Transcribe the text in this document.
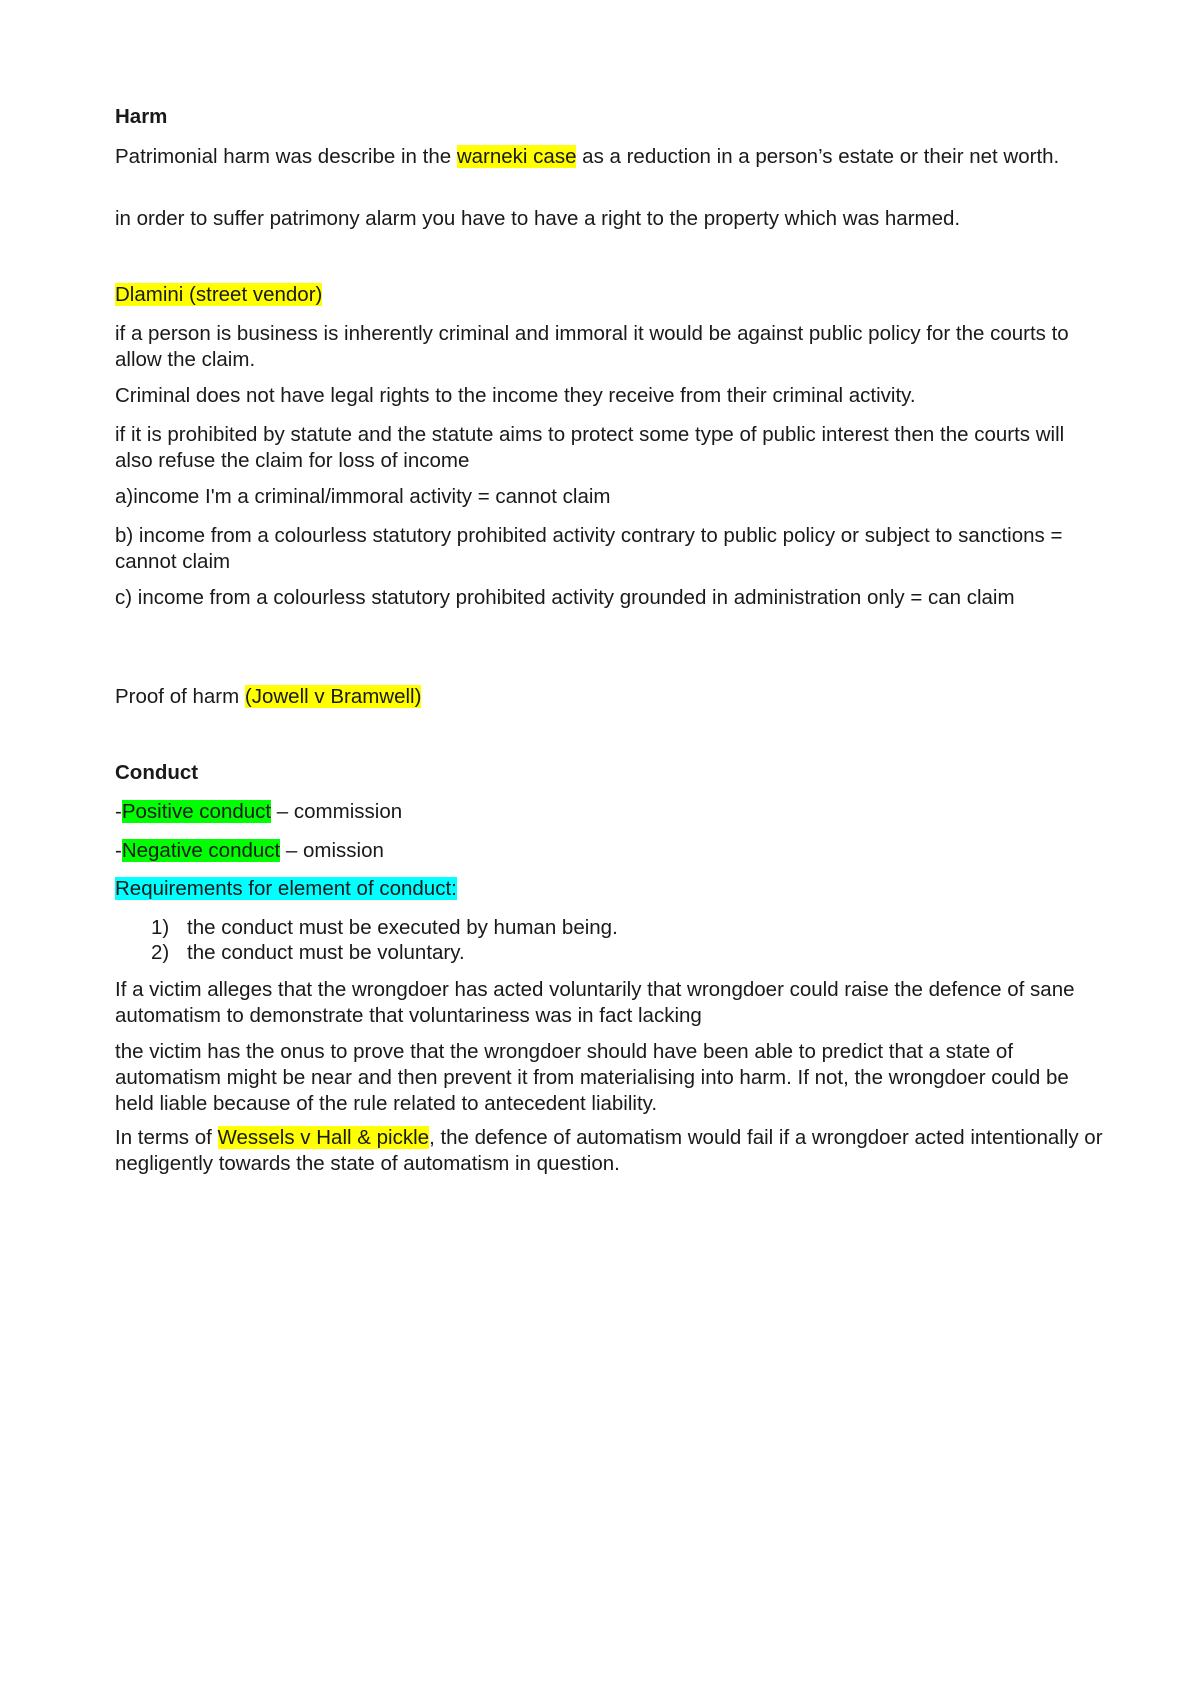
Harm

Patrimonial harm was describe in the warneki case as a reduction in a person’s estate or their net worth.

in order to suffer patrimony alarm you have to have a right to the property which was harmed.

Dlamini (street vendor)

if a person is business is inherently criminal and immoral it would be against public policy for the courts to allow the claim.

Criminal does not have legal rights to the income they receive from their criminal activity.

if it is prohibited by statute and the statute aims to protect some type of public interest then the courts will also refuse the claim for loss of income

a)income I'm a criminal/immoral activity = cannot claim

b) income from a colourless statutory prohibited activity contrary to public policy or subject to sanctions = cannot claim

c) income from a colourless statutory prohibited activity grounded in administration only = can claim

Proof of harm (Jowell v Bramwell)

Conduct

-Positive conduct – commission

-Negative conduct – omission

Requirements for element of conduct:

1) the conduct must be executed by human being.
2) the conduct must be voluntary.

If a victim alleges that the wrongdoer has acted voluntarily that wrongdoer could raise the defence of sane automatism to demonstrate that voluntariness was in fact lacking

the victim has the onus to prove that the wrongdoer should have been able to predict that a state of automatism might be near and then prevent it from materialising into harm. If not, the wrongdoer could be held liable because of the rule related to antecedent liability.

In terms of Wessels v Hall & pickle, the defence of automatism would fail if a wrongdoer acted intentionally or negligently towards the state of automatism in question.
